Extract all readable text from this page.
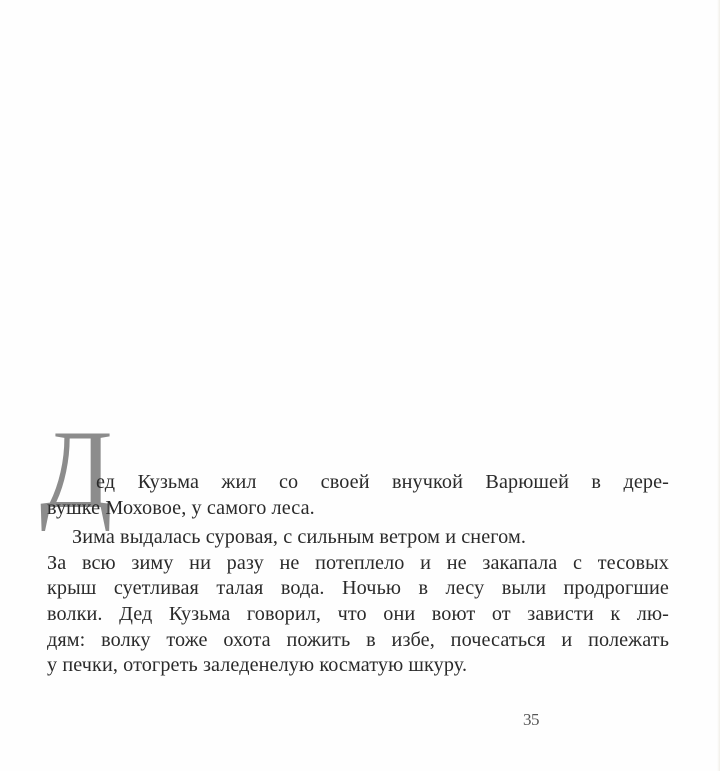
Д
ед Кузьма жил со своей внучкой Варюшей в дере-
вушке Моховое, у самого леса.
Зима выдалась суровая, с сильным ветром и снегом.
За всю зиму ни разу не потеплело и не закапала с тесовых
крыш суетливая талая вода. Ночью в лесу выли продрогшие
волки. Дед Кузьма говорил, что они воют от зависти к лю-
дям: волку тоже охота пожить в избе, почесаться и полежать
у печки, отогреть заледенелую косматую шкуру.
35
